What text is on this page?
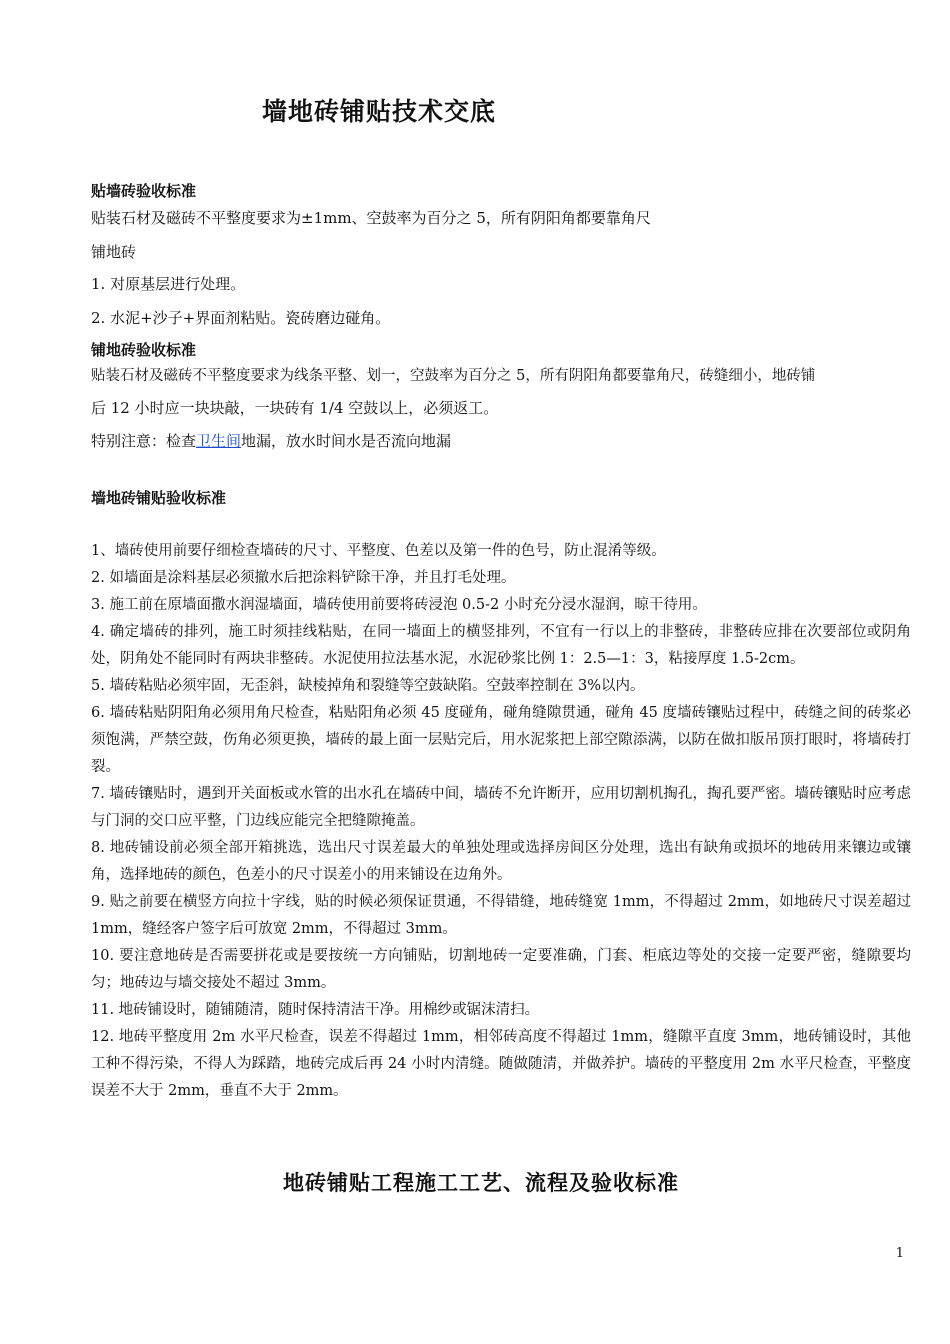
墙地砖铺贴技术交底
贴墙砖验收标准
贴装石材及磁砖不平整度要求为±1mm、空鼓率为百分之 5，所有阴阳角都要靠角尺
铺地砖
1. 对原基层进行处理。
2. 水泥+沙子+界面剂粘贴。瓷砖磨边碰角。
铺地砖验收标准
贴装石材及磁砖不平整度要求为线条平整、划一，空鼓率为百分之 5，所有阴阳角都要靠角尺，砖缝细小，地砖铺
后 12 小时应一块块敲，一块砖有 1/4 空鼓以上，必须返工。
特别注意：检查卫生间地漏，放水时间水是否流向地漏
墙地砖铺贴验收标准

1、墙砖使用前要仔细检查墙砖的尺寸、平整度、色差以及第一件的色号，防止混淆等级。

2. 如墙面是涂料基层必须撤水后把涂料铲除干净，并且打毛处理。

3. 施工前在原墙面撒水润湿墙面，墙砖使用前要将砖浸泡 0.5-2 小时充分浸水湿润，晾干待用。

4. 确定墙砖的排列，施工时须挂线粘贴，在同一墙面上的横竖排列，不宜有一行以上的非整砖，非整砖应排在次要部位或阴角处，阴角处不能同时有两块非整砖。水泥使用拉法基水泥，水泥砂浆比例 1：2.5—1：3，粘接厚度 1.5-2cm。

5. 墙砖粘贴必须牢固，无歪斜，缺棱掉角和裂缝等空鼓缺陷。空鼓率控制在 3%以内。

6. 墙砖粘贴阴阳角必须用角尺检查，粘贴阳角必须 45 度碰角，碰角缝隙贯通，碰角 45 度墙砖镶贴过程中，砖缝之间的砖浆必须饱满，严禁空鼓，伤角必须更换，墙砖的最上面一层贴完后，用水泥浆把上部空隙添满，以防在做扣版吊顶打眼时，将墙砖打裂。

7. 墙砖镶贴时，遇到开关面板或水管的出水孔在墙砖中间，墙砖不允许断开，应用切割机掏孔，掏孔要严密。墙砖镶贴时应考虑与门洞的交口应平整，门边线应能完全把缝隙掩盖。

8. 地砖铺设前必须全部开箱挑选，选出尺寸误差最大的单独处理或选择房间区分处理，选出有缺角或损坏的地砖用来镶边或镶角，选择地砖的颜色，色差小的尺寸误差小的用来铺设在边角外。

9. 贴之前要在横竖方向拉十字线，贴的时候必须保证贯通，不得错缝，地砖缝宽 1mm，不得超过 2mm，如地砖尺寸误差超过 1mm，缝经客户签字后可放宽 2mm，不得超过 3mm。

10. 要注意地砖是否需要拼花或是要按统一方向铺贴，切割地砖一定要准确，门套、柜底边等处的交接一定要严密，缝隙要均匀；地砖边与墙交接处不超过 3mm。

11. 地砖铺设时，随铺随清，随时保持清洁干净。用棉纱或锯沫清扫。

12. 地砖平整度用 2m 水平尺检查，误差不得超过 1mm，相邻砖高度不得超过 1mm，缝隙平直度 3mm，地砖铺设时，其他工种不得污染，不得人为踩踏，地砖完成后再 24 小时内清缝。随做随清，并做养护。墙砖的平整度用 2m 水平尺检查，平整度误差不大于 2mm，垂直不大于 2mm。

地砖铺贴工程施工工艺、流程及验收标准
1
